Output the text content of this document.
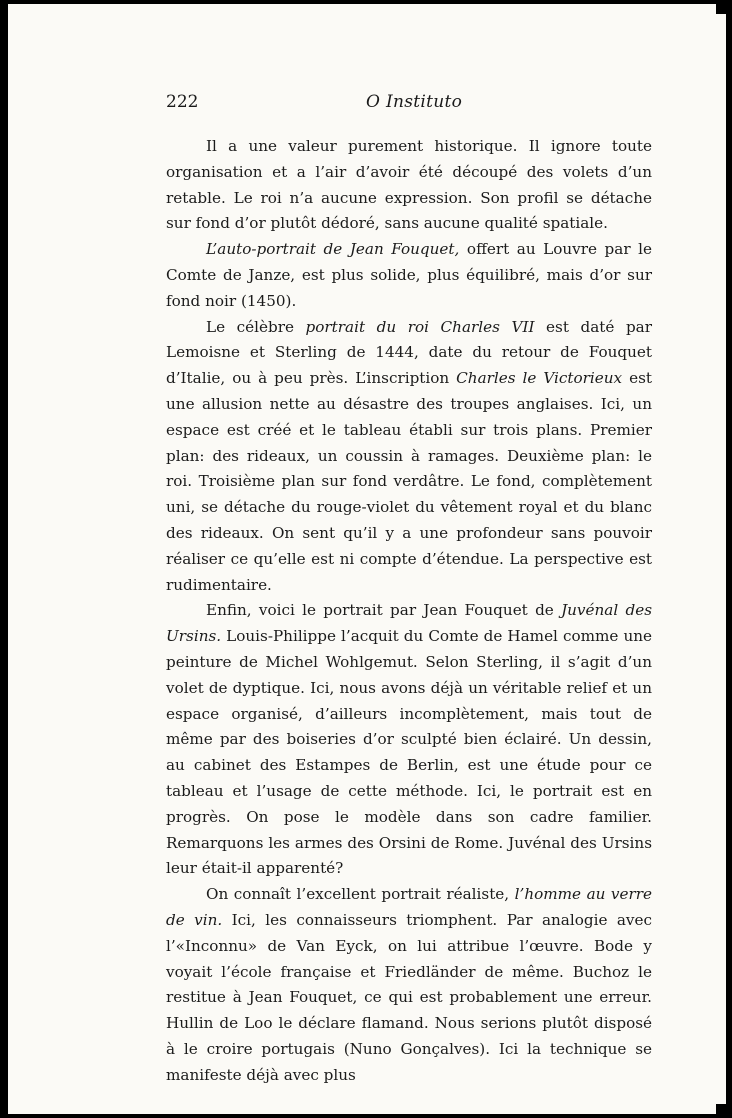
222	O Instituto

Il a une valeur purement historique. Il ignore toute organisation et a l’air d’avoir été découpé des volets d’un retable. Le roi n’a aucune expression. Son profil se détache sur fond d’or plutôt dédoré, sans aucune qualité spatiale.

L’auto-portrait de Jean Fouquet, offert au Louvre par le Comte de Janze, est plus solide, plus équilibré, mais d’or sur fond noir (1450).

Le célèbre portrait du roi Charles VII est daté par Lemoisne et Sterling de 1444, date du retour de Fouquet d’Italie, ou à peu près. L’inscription Charles le Victorieux est une allusion nette au désastre des troupes anglaises. Ici, un espace est créé et le tableau établi sur trois plans. Premier plan: des rideaux, un coussin à ramages. Deuxième plan: le roi. Troisième plan sur fond verdâtre. Le fond, complètement uni, se détache du rouge-violet du vêtement royal et du blanc des rideaux. On sent qu’il y a une profondeur sans pouvoir réaliser ce qu’elle est ni compte d’étendue. La perspective est rudimentaire.

Enfin, voici le portrait par Jean Fouquet de Juvénal des Ursins. Louis-Philippe l’acquit du Comte de Hamel comme une peinture de Michel Wohlgemut. Selon Sterling, il s’agit d’un volet de dyptique. Ici, nous avons déjà un véritable relief et un espace organisé, d’ailleurs incomplètement, mais tout de même par des boiseries d’or sculpté bien éclairé. Un dessin, au cabinet des Estampes de Berlin, est une étude pour ce tableau et l’usage de cette méthode. Ici, le portrait est en progrès. On pose le modèle dans son cadre familier. Remarquons les armes des Orsini de Rome. Juvénal des Ursins leur était-il apparenté?

On connaît l’excellent portrait réaliste, l’homme au verre de vin. Ici, les connaisseurs triomphent. Par analogie avec l’«Inconnu» de Van Eyck, on lui attribue l’œuvre. Bode y voyait l’école française et Friedländer de même. Buchoz le restitue à Jean Fouquet, ce qui est probablement une erreur. Hullin de Loo le déclare flamand. Nous serions plutôt disposé à le croire portugais (Nuno Gonçalves). Ici la technique se manifeste déjà avec plus
